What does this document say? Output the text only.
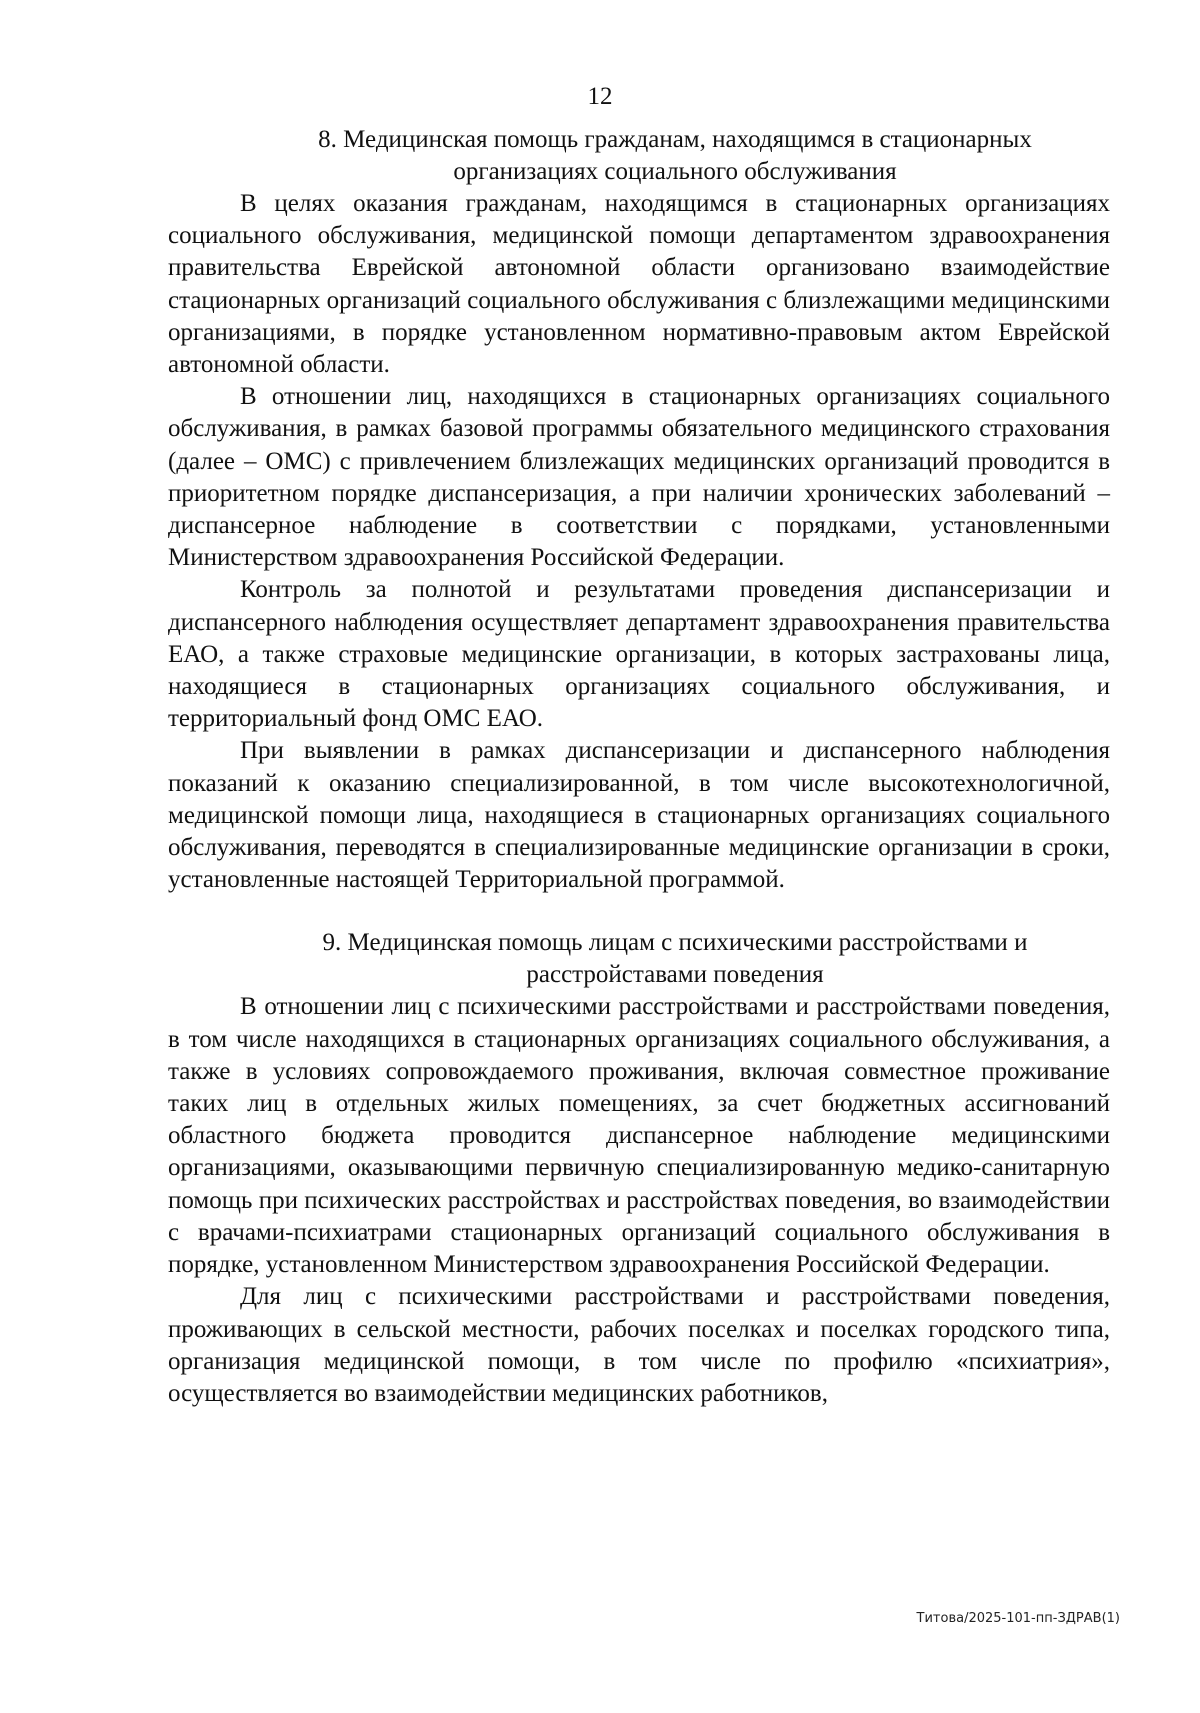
12
8. Медицинская помощь гражданам, находящимся в стационарных
организациях социального обслуживания

В целях оказания гражданам, находящимся в стационарных организациях социального обслуживания, медицинской помощи департаментом здравоохранения правительства Еврейской автономной области организовано взаимодействие стационарных организаций социального обслуживания с близлежащими медицинскими организациями, в порядке установленном нормативно-правовым актом Еврейской автономной области.

В отношении лиц, находящихся в стационарных организациях социального обслуживания, в рамках базовой программы обязательного медицинского страхования (далее – ОМС) с привлечением близлежащих медицинских организаций проводится в приоритетном порядке диспансеризация, а при наличии хронических заболеваний – диспансерное наблюдение в соответствии с порядками, установленными Министерством здравоохранения Российской Федерации.

Контроль за полнотой и результатами проведения диспансеризации и диспансерного наблюдения осуществляет департамент здравоохранения правительства ЕАО, а также страховые медицинские организации, в которых застрахованы лица, находящиеся в стационарных организациях социального обслуживания, и территориальный фонд ОМС ЕАО.

При выявлении в рамках диспансеризации и диспансерного наблюдения показаний к оказанию специализированной, в том числе высокотехнологичной, медицинской помощи лица, находящиеся в стационарных организациях социального обслуживания, переводятся в специализированные медицинские организации в сроки, установленные настоящей Территориальной программой.

9. Медицинская помощь лицам с психическими расстройствами и
расстройставами поведения

В отношении лиц с психическими расстройствами и расстройствами поведения, в том числе находящихся в стационарных организациях социального обслуживания, а также в условиях сопровождаемого проживания, включая совместное проживание таких лиц в отдельных жилых помещениях, за счет бюджетных ассигнований областного бюджета проводится диспансерное наблюдение медицинскими организациями, оказывающими первичную специализированную медико-санитарную помощь при психических расстройствах и расстройствах поведения, во взаимодействии с врачами-психиатрами стационарных организаций социального обслуживания в порядке, установленном Министерством здравоохранения Российской Федерации.

Для лиц с психическими расстройствами и расстройствами поведения, проживающих в сельской местности, рабочих поселках и поселках городского типа, организация медицинской помощи, в том числе по профилю «психиатрия», осуществляется во взаимодействии медицинских работников,

Титова/2025-101-пп-ЗДРАВ(1)
